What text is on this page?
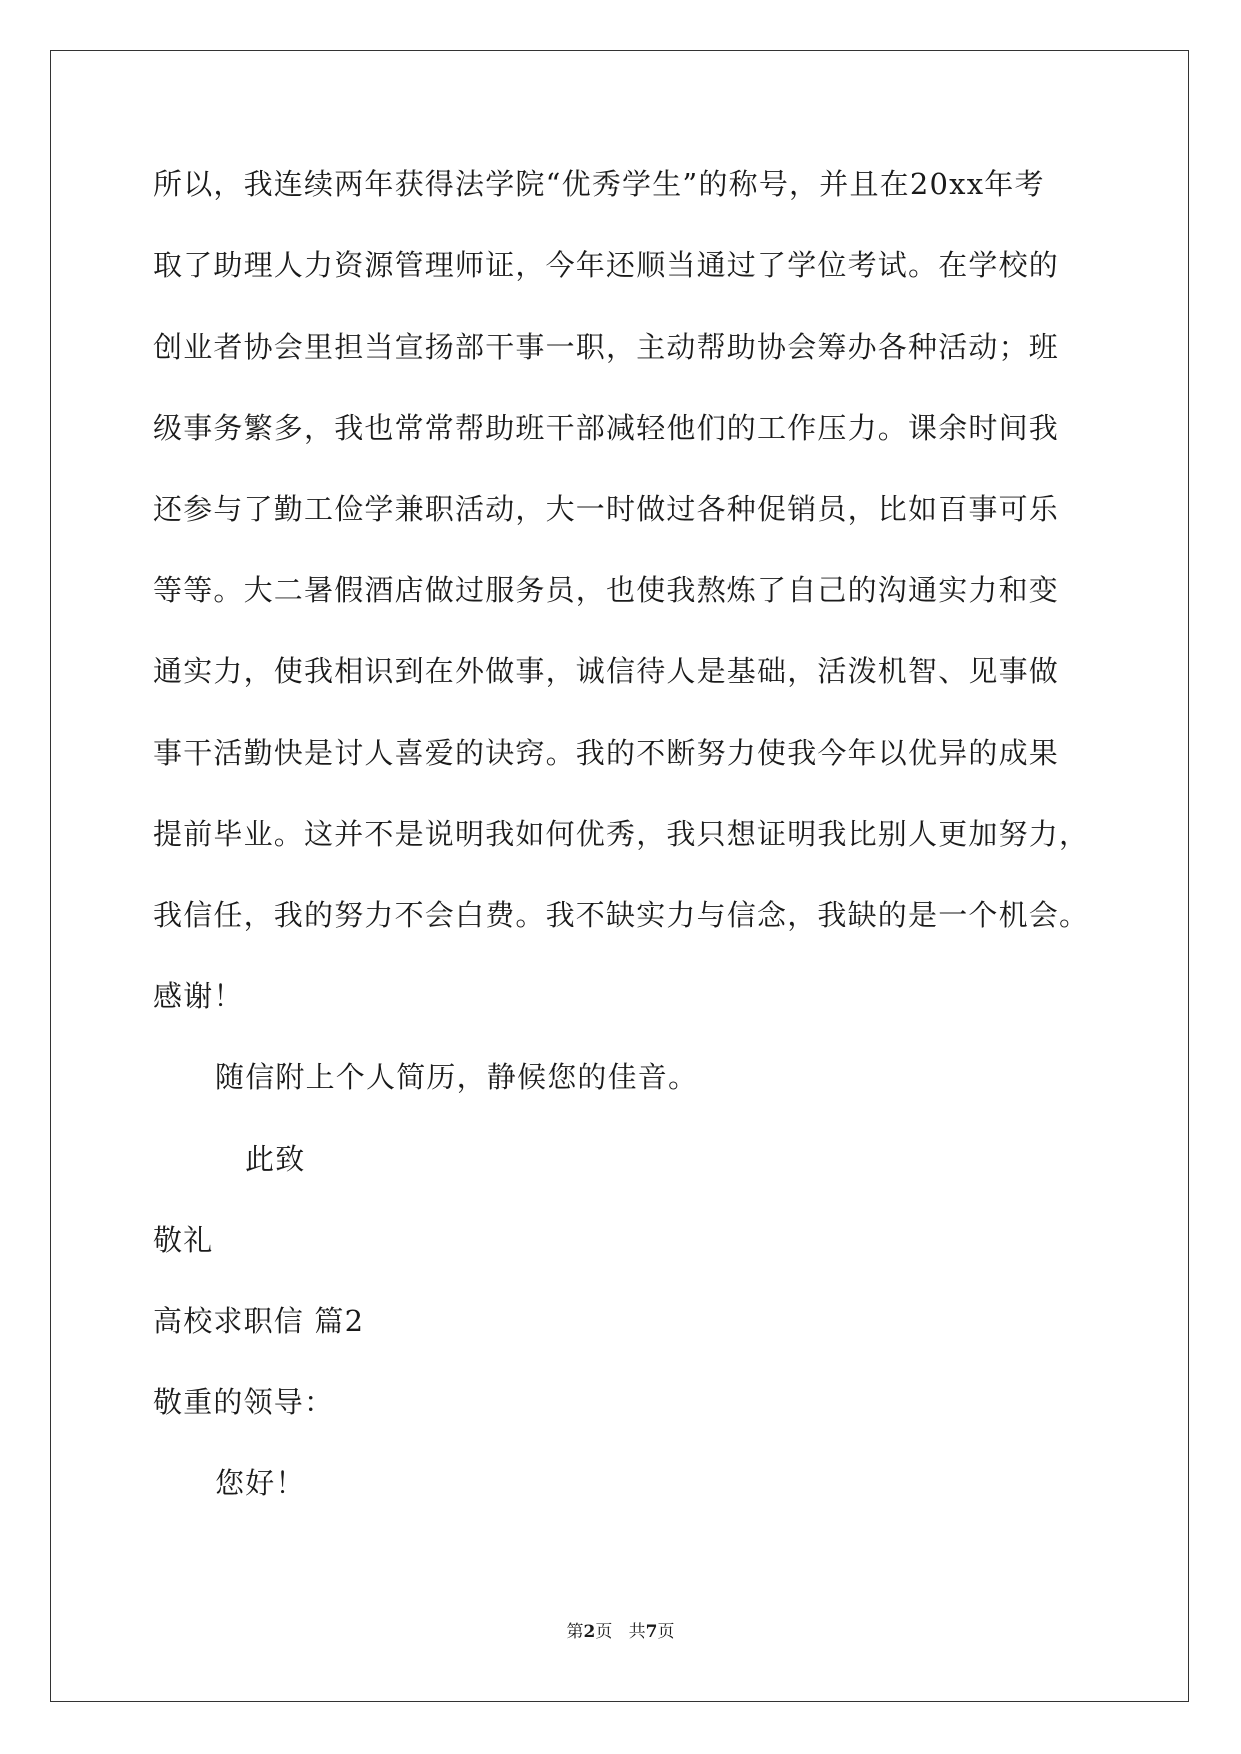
所以，我连续两年获得法学院“优秀学生”的称号，并且在20xx年考
取了助理人力资源管理师证，今年还顺当通过了学位考试。在学校的
创业者协会里担当宣扬部干事一职，主动帮助协会筹办各种活动；班
级事务繁多，我也常常帮助班干部减轻他们的工作压力。课余时间我
还参与了勤工俭学兼职活动，大一时做过各种促销员，比如百事可乐
等等。大二暑假酒店做过服务员，也使我熬炼了自己的沟通实力和变
通实力，使我相识到在外做事，诚信待人是基础，活泼机智、见事做
事干活勤快是讨人喜爱的诀窍。我的不断努力使我今年以优异的成果
提前毕业。这并不是说明我如何优秀，我只想证明我比别人更加努力，
我信任，我的努力不会白费。我不缺实力与信念，我缺的是一个机会。
感谢！
随信附上个人简历，静候您的佳音。
此致
敬礼
高校求职信 篇2
敬重的领导：
您好！
第2页   共7页
